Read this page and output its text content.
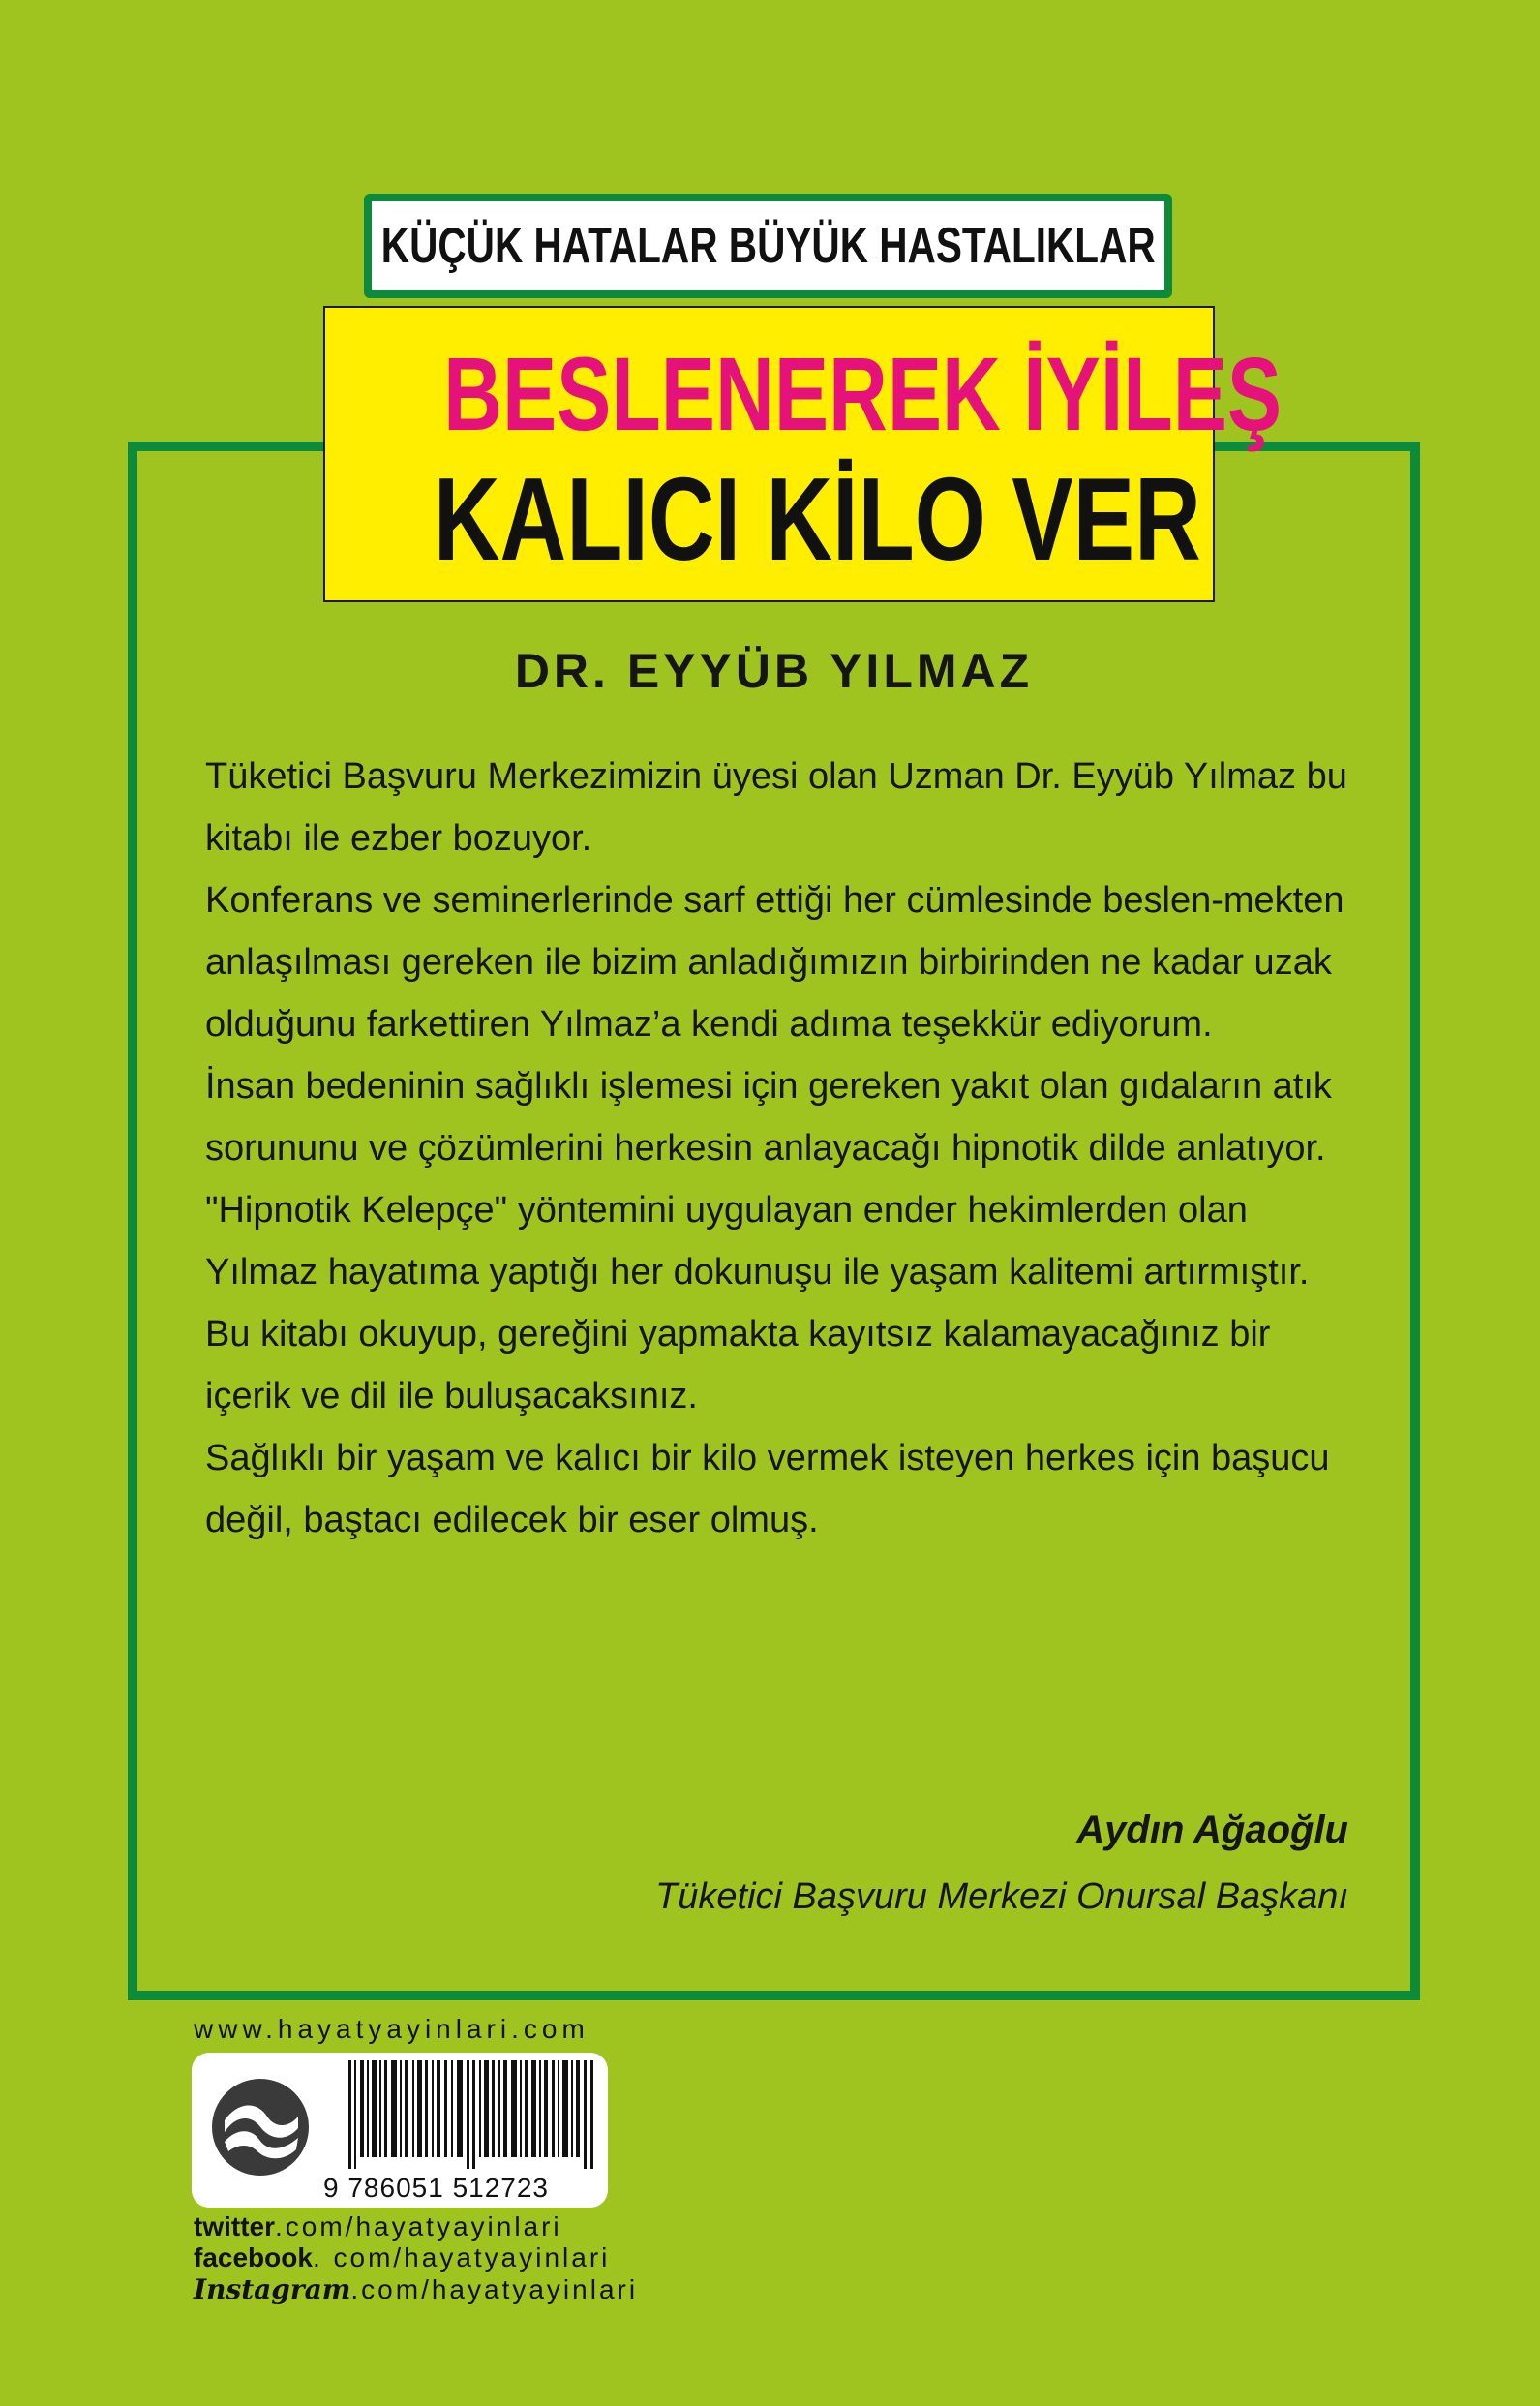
KÜÇÜK HATALAR BÜYÜK HASTALIKLAR
BESLENEREK İYİLEŞ
KALICI KİLO VER
DR. EYYÜB YILMAZ

Tüketici Başvuru Merkezimizin üyesi olan Uzman Dr. Eyyüb Yılmaz bu kitabı ile ezber bozuyor.

Konferans ve seminerlerinde sarf ettiği her cümlesinde beslen-mekten anlaşılması gereken ile bizim anladığımızın birbirinden ne kadar uzak olduğunu farkettiren Yılmaz’a kendi adıma teşekkür ediyorum.

İnsan bedeninin sağlıklı işlemesi için gereken yakıt olan gıdaların atık sorununu ve çözümlerini herkesin anlayacağı hipnotik dilde anlatıyor.

"Hipnotik Kelepçe" yöntemini uygulayan ender hekimlerden olan Yılmaz hayatıma yaptığı her dokunuşu ile yaşam kalitemi artırmıştır.

Bu kitabı okuyup, gereğini yapmakta kayıtsız kalamayacağınız bir içerik ve dil ile buluşacaksınız.

Sağlıklı bir yaşam ve kalıcı bir kilo vermek isteyen herkes için başucu değil, baştacı edilecek bir eser olmuş.

Aydın Ağaoğlu
Tüketici Başvuru Merkezi Onursal Başkanı
www.hayatyayinlari.com
9 786051 512723
twitter.com/hayatyayinlari
facebook. com/hayatyayinlari
Instagram.com/hayatyayinlari
